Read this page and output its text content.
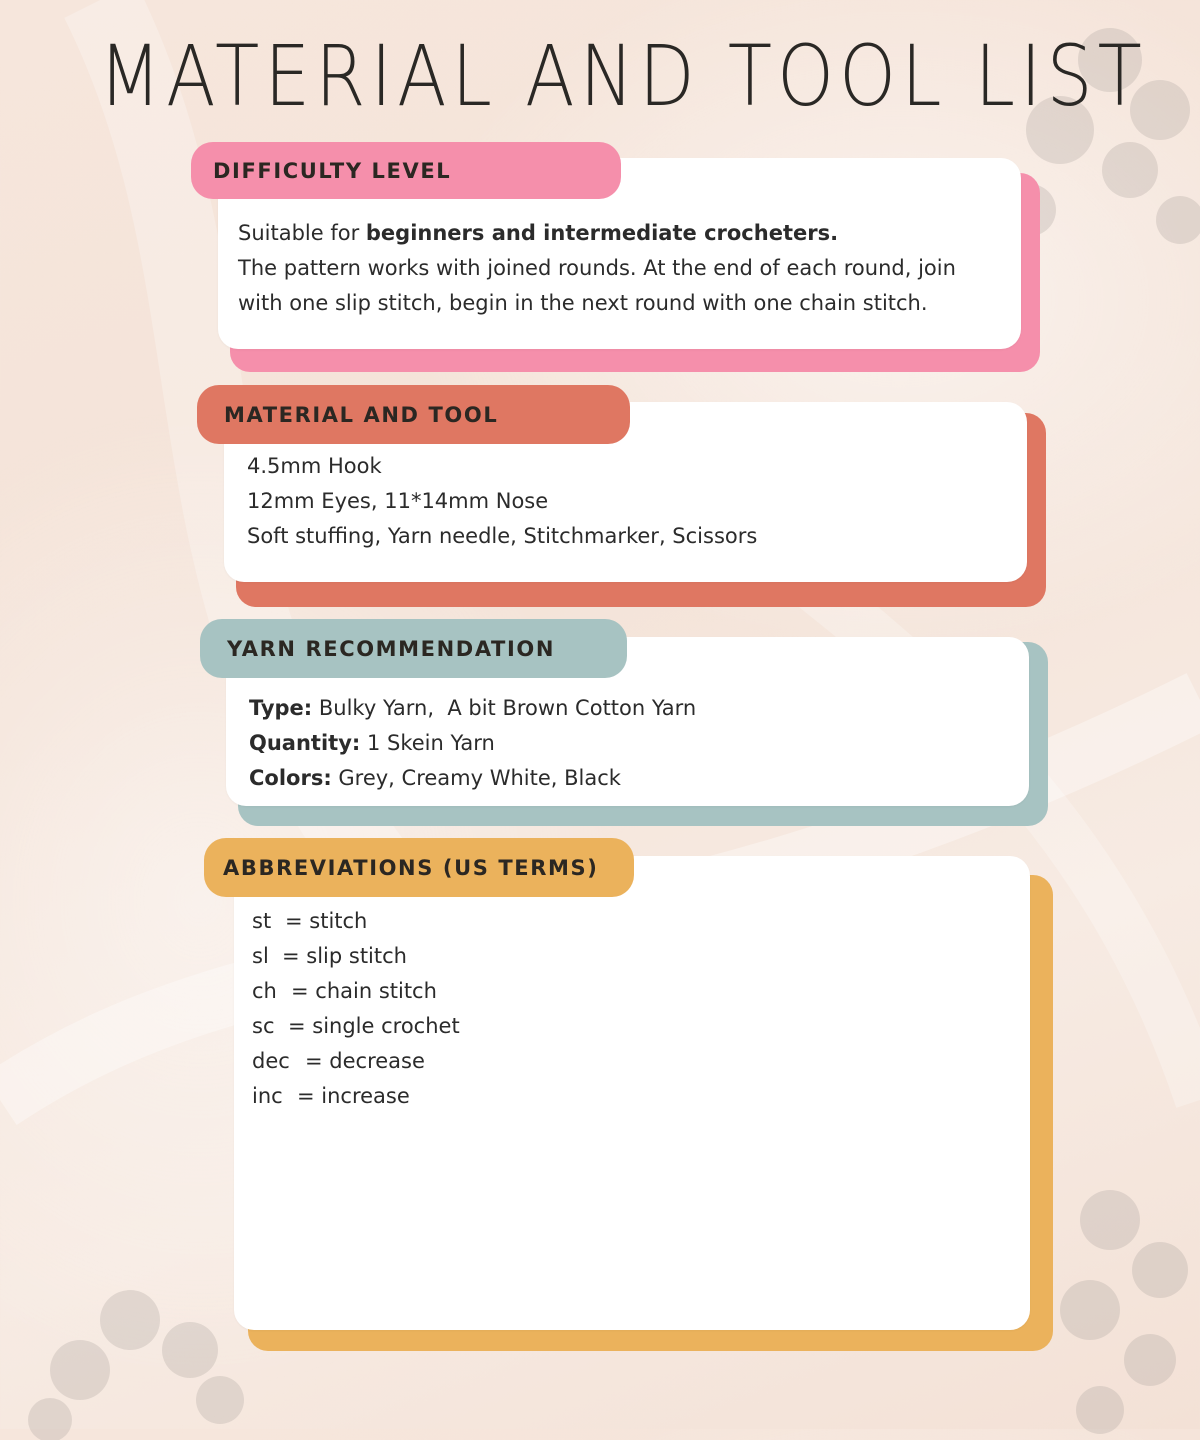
MATERIAL AND TOOL LIST
DIFFICULTY LEVEL

Suitable for beginners and intermediate crocheters.

The pattern works with joined rounds. At the end of each round, join

with one slip stitch, begin in the next round with one chain stitch.

MATERIAL AND TOOL

4.5mm Hook

12mm Eyes, 11*14mm Nose

Soft stuffing, Yarn needle, Stitchmarker, Scissors

YARN RECOMMENDATION

Type: Bulky Yarn,  A bit Brown Cotton Yarn

Quantity: 1 Skein Yarn

Colors: Grey, Creamy White, Black

ABBREVIATIONS (US TERMS)

st = stitch

sl = slip stitch

ch = chain stitch

sc = single crochet

dec = decrease

inc = increase
